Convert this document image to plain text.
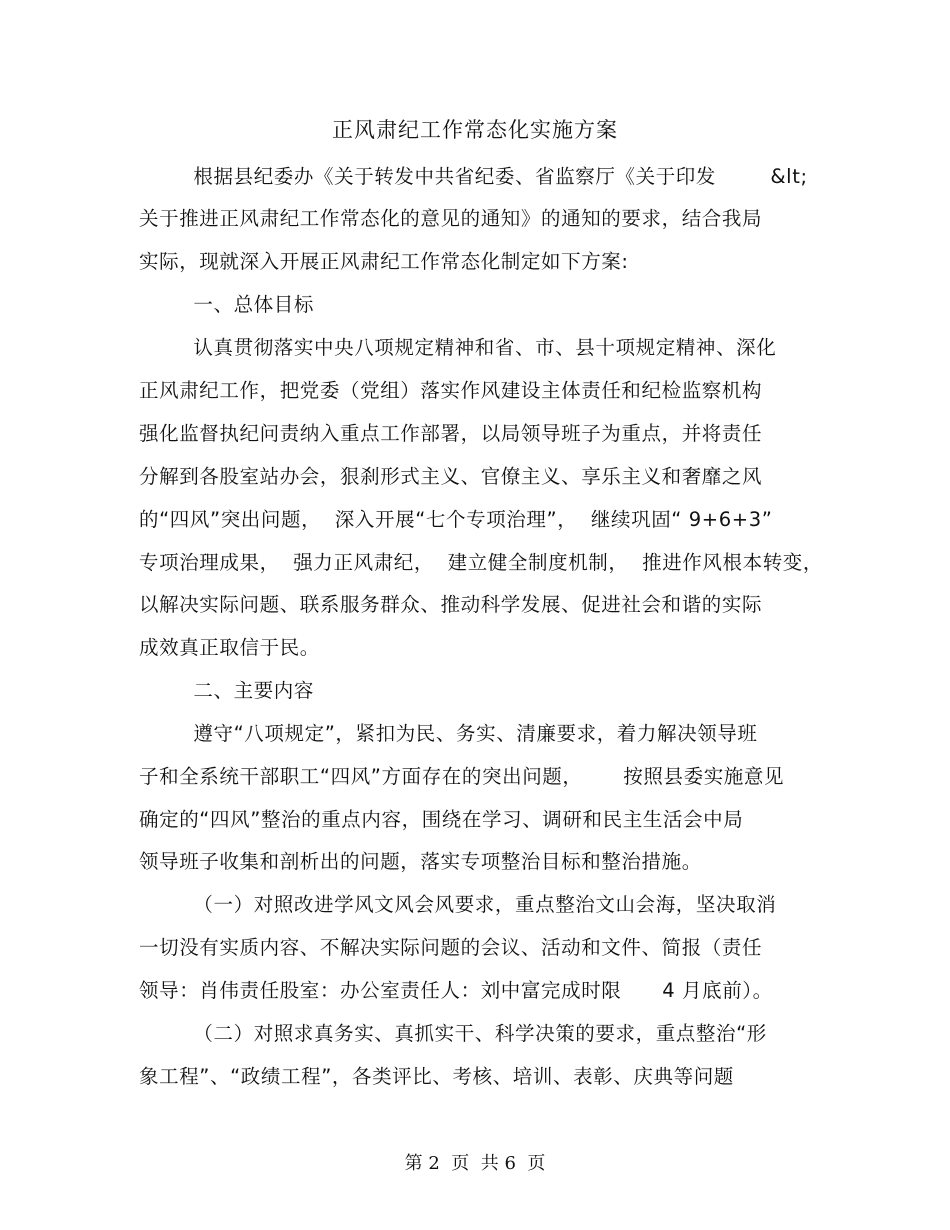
正风肃纪工作常态化实施方案
根据县纪委办《关于转发中共省纪委、省监察厅《关于印发        &lt;
关于推进正风肃纪工作常态化的意见的通知》的通知的要求，结合我局
实际，现就深入开展正风肃纪工作常态化制定如下方案:
一、总体目标
认真贯彻落实中央八项规定精神和省、市、县十项规定精神、深化
正风肃纪工作，把党委（党组）落实作风建设主体责任和纪检监察机构
强化监督执纪问责纳入重点工作部署，以局领导班子为重点，并将责任
分解到各股室站办会，狠刹形式主义、官僚主义、享乐主义和奢靡之风
的“四风”突出问题，  深入开展“七个专项治理”，  继续巩固“ 9+6+3”
专项治理成果，  强力正风肃纪，  建立健全制度机制，  推进作风根本转变，
以解决实际问题、联系服务群众、推动科学发展、促进社会和谐的实际
成效真正取信于民。
二、主要内容
遵守“八项规定”，紧扣为民、务实、清廉要求，着力解决领导班
子和全系统干部职工“四风”方面存在的突出问题，      按照县委实施意见
确定的“四风”整治的重点内容，围绕在学习、调研和民主生活会中局
领导班子收集和剖析出的问题，落实专项整治目标和整治措施。
（一）对照改进学风文风会风要求，重点整治文山会海，坚决取消
一切没有实质内容、不解决实际问题的会议、活动和文件、简报（责任
领导：肖伟责任股室：办公室责任人：刘中富完成时限      4 月底前）。
（二）对照求真务实、真抓实干、科学决策的要求，重点整治“形
象工程”、“政绩工程”，各类评比、考核、培训、表彰、庆典等问题
第 2  页  共 6  页
